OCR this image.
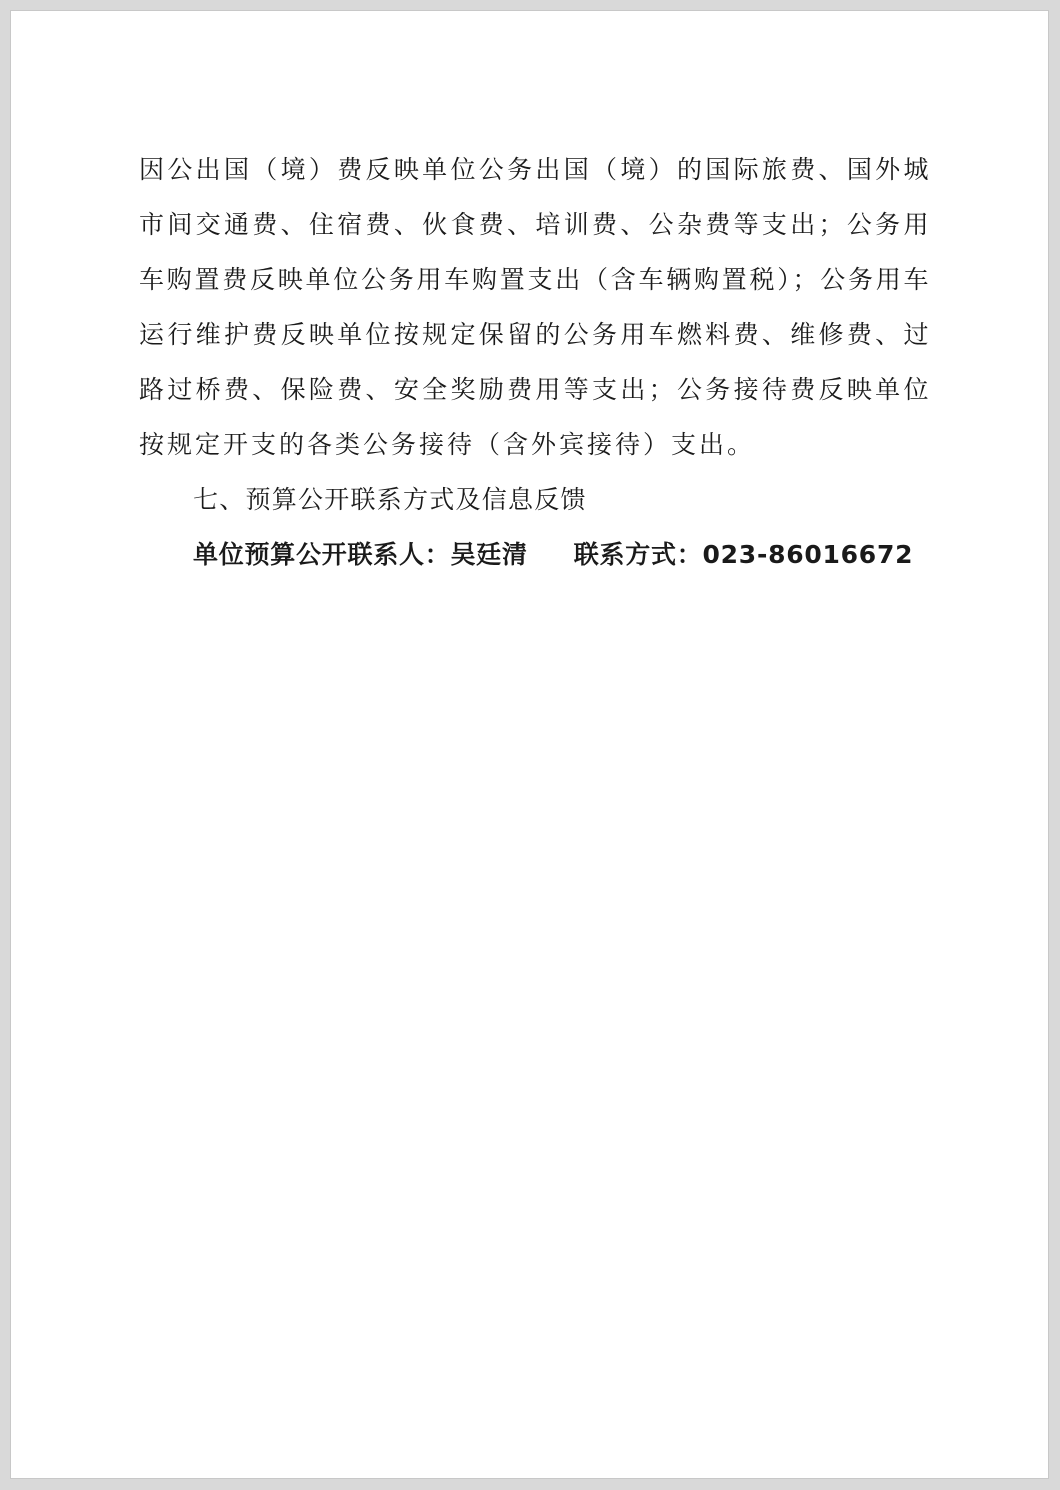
因公出国（境）费反映单位公务出国（境）的国际旅费、国外城
市间交通费、住宿费、伙食费、培训费、公杂费等支出；公务用
车购置费反映单位公务用车购置支出（含车辆购置税）；公务用车
运行维护费反映单位按规定保留的公务用车燃料费、维修费、过
路过桥费、保险费、安全奖励费用等支出；公务接待费反映单位
按规定开支的各类公务接待（含外宾接待）支出。
七、预算公开联系方式及信息反馈
单位预算公开联系人：吴廷清 联系方式：023-86016672
